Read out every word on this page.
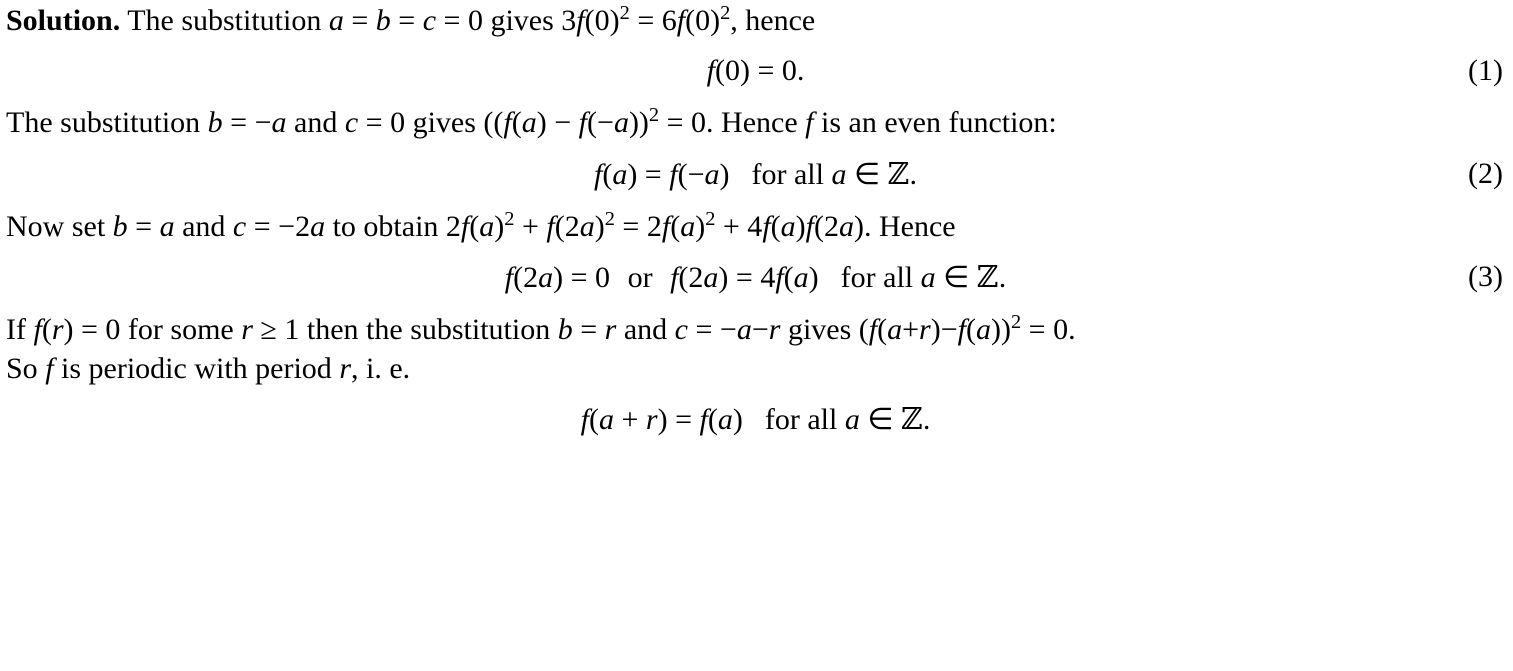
Solution. The substitution a = b = c = 0 gives $3f(0)^2 = 6f(0)^2$, hence
f(0) = 0.	(1)
The substitution b = −a and c = 0 gives ($(f(a) - f(-a))^2 = 0$. Hence f is an even function:
f(a) = f(−a) for all a ∈ ℤ.	(2)
Now set b = a and c = −2a to obtain $2f(a)^2 + f(2a)^2 = 2f(a)^2 + 4f(a)f(2a)$. Hence
f(2a) = 0 or f(2a) = 4f(a) for all a ∈ ℤ.	(3)
If f(r) = 0 for some r ≥ 1 then the substitution b = r and c = −a−r gives $(f(a+r)-f(a))^2 = 0$.
So f is periodic with period r, i. e.
f(a + r) = f(a) for all a ∈ ℤ.
